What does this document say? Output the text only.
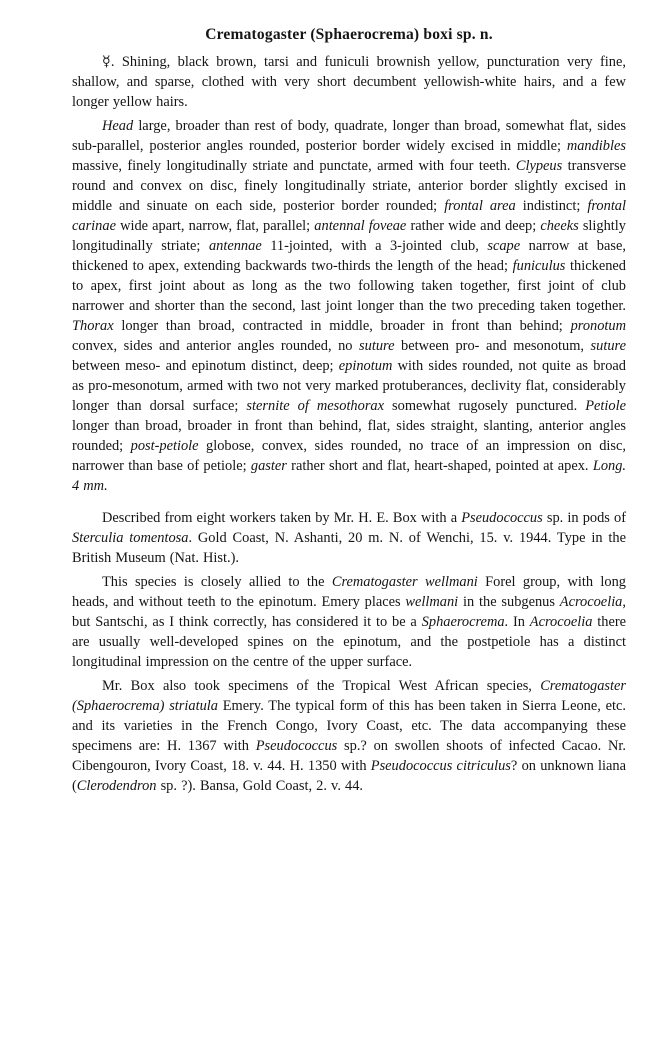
Crematogaster (Sphaerocrema) boxi sp. n.

☿. Shining, black brown, tarsi and funiculi brownish yellow, puncturation very fine, shallow, and sparse, clothed with very short decumbent yellowish-white hairs, and a few longer yellow hairs.

Head large, broader than rest of body, quadrate, longer than broad, somewhat flat, sides sub-parallel, posterior angles rounded, posterior border widely excised in middle; mandibles massive, finely longitudinally striate and punctate, armed with four teeth. Clypeus transverse round and convex on disc, finely longitudinally striate, anterior border slightly excised in middle and sinuate on each side, posterior border rounded; frontal area indistinct; frontal carinae wide apart, narrow, flat, parallel; antennal foveae rather wide and deep; cheeks slightly longitudinally striate; antennae 11-jointed, with a 3-jointed club, scape narrow at base, thickened to apex, extending backwards two-thirds the length of the head; funiculus thickened to apex, first joint about as long as the two following taken together, first joint of club narrower and shorter than the second, last joint longer than the two preceding taken together. Thorax longer than broad, contracted in middle, broader in front than behind; pronotum convex, sides and anterior angles rounded, no suture between pro- and mesonotum, suture between meso- and epinotum distinct, deep; epinotum with sides rounded, not quite as broad as pro-mesonotum, armed with two not very marked protuberances, declivity flat, considerably longer than dorsal surface; sternite of mesothorax somewhat rugosely punctured. Petiole longer than broad, broader in front than behind, flat, sides straight, slanting, anterior angles rounded; post-petiole globose, convex, sides rounded, no trace of an impression on disc, narrower than base of petiole; gaster rather short and flat, heart-shaped, pointed at apex. Long. 4 mm.

Described from eight workers taken by Mr. H. E. Box with a Pseudococcus sp. in pods of Sterculia tomentosa. Gold Coast, N. Ashanti, 20 m. N. of Wenchi, 15. v. 1944. Type in the British Museum (Nat. Hist.).

This species is closely allied to the Crematogaster wellmani Forel group, with long heads, and without teeth to the epinotum. Emery places wellmani in the subgenus Acrocoelia, but Santschi, as I think correctly, has considered it to be a Sphaerocrema. In Acrocoelia there are usually well-developed spines on the epinotum, and the postpetiole has a distinct longitudinal impression on the centre of the upper surface.

Mr. Box also took specimens of the Tropical West African species, Crematogaster (Sphaerocrema) striatula Emery. The typical form of this has been taken in Sierra Leone, etc. and its varieties in the French Congo, Ivory Coast, etc. The data accompanying these specimens are: H. 1367 with Pseudococcus sp.? on swollen shoots of infected Cacao. Nr. Cibengouron, Ivory Coast, 18. v. 44. H. 1350 with Pseudococcus citriculus? on unknown liana (Clerodendron sp. ?). Bansa, Gold Coast, 2. v. 44.
